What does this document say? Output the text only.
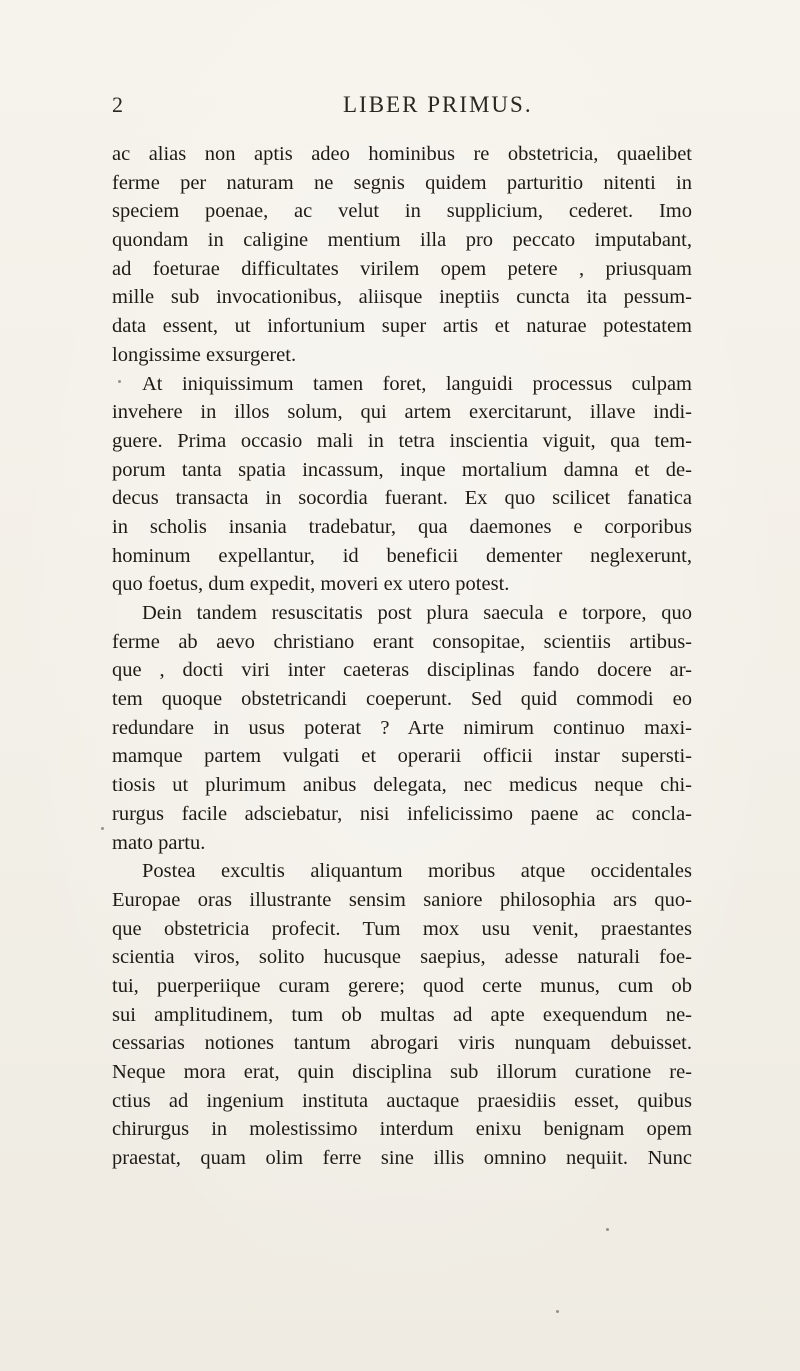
2	LIBER PRIMUS.
ac alias non aptis adeo hominibus re obstetricia, quaelibet
ferme per naturam ne segnis quidem parturitio nitenti in
speciem poenae, ac velut in supplicium, cederet. Imo
quondam in caligine mentium illa pro peccato imputabant,
ad foeturae difficultates virilem opem petere , priusquam
mille sub invocationibus, aliisque ineptiis cuncta ita pessum-
data essent, ut infortunium super artis et naturae potestatem
longissime exsurgeret.
At iniquissimum tamen foret, languidi processus culpam
invehere in illos solum, qui artem exercitarunt, illave indi-
guere. Prima occasio mali in tetra inscientia viguit, qua tem-
porum tanta spatia incassum, inque mortalium damna et de-
decus transacta in socordia fuerant. Ex quo scilicet fanatica
in scholis insania tradebatur, qua daemones e corporibus
hominum expellantur, id beneficii dementer neglexerunt,
quo foetus, dum expedit, moveri ex utero potest.
Dein tandem resuscitatis post plura saecula e torpore, quo
ferme ab aevo christiano erant consopitae, scientiis artibus-
que , docti viri inter caeteras disciplinas fando docere ar-
tem quoque obstetricandi coeperunt. Sed quid commodi eo
redundare in usus poterat ? Arte nimirum continuo maxi-
mamque partem vulgati et operarii officii instar supersti-
tiosis ut plurimum anibus delegata, nec medicus neque chi-
rurgus facile adsciebatur, nisi infelicissimo paene ac concla-
mato partu.
Postea excultis aliquantum moribus atque occidentales
Europae oras illustrante sensim saniore philosophia ars quo-
que obstetricia profecit. Tum mox usu venit, praestantes
scientia viros, solito hucusque saepius, adesse naturali foe-
tui, puerperiique curam gerere; quod certe munus, cum ob
sui amplitudinem, tum ob multas ad apte exequendum ne-
cessarias notiones tantum abrogari viris nunquam debuisset.
Neque mora erat, quin disciplina sub illorum curatione re-
ctius ad ingenium instituta auctaque praesidiis esset, quibus
chirurgus in molestissimo interdum enixu benignam opem
praestat, quam olim ferre sine illis omnino nequiit. Nunc
